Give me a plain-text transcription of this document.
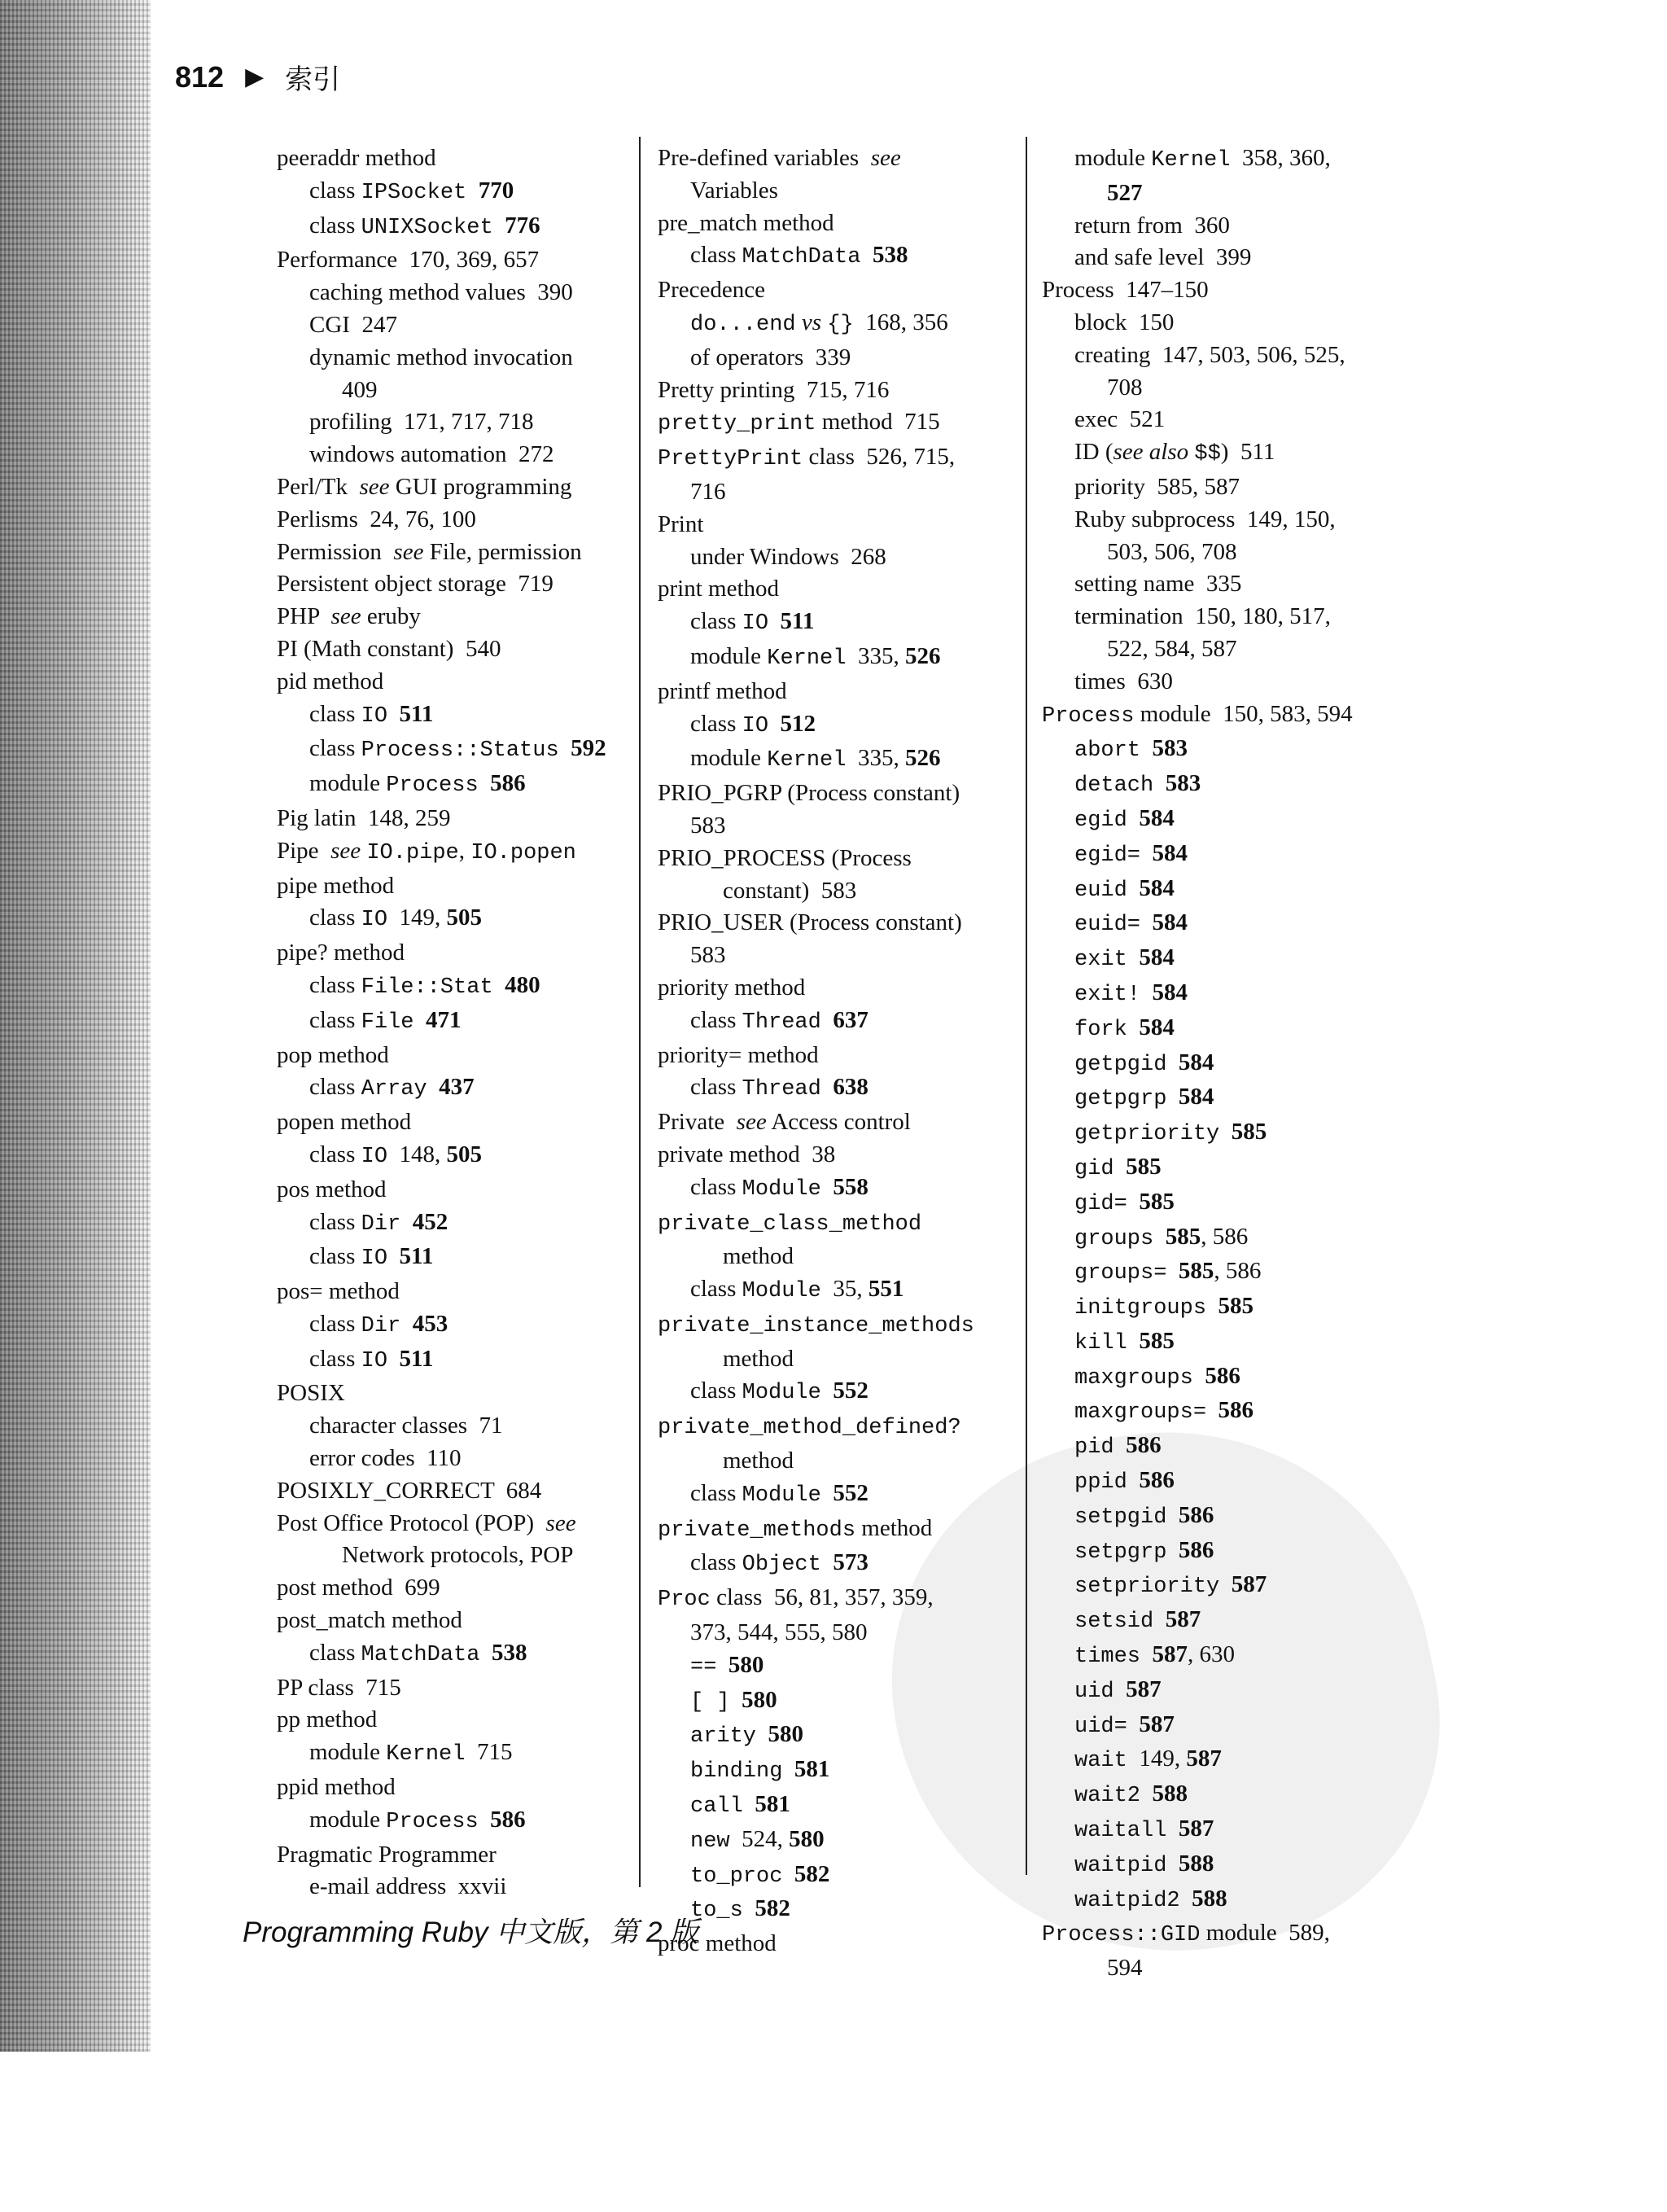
812 ▶ 索引
peeraddr method
class IPSocket 770
class UNIXSocket 776
Performance  170, 369, 657
caching method values  390
CGI  247
dynamic method invocation
409
profiling  171, 717, 718
windows automation  272
Perl/Tk  see GUI programming
Perlisms  24, 76, 100
Permission  see File, permission
Persistent object storage  719
PHP  see eruby
PI (Math constant)  540
pid method
class IO 511
class Process::Status 592
module Process 586
Pig latin  148, 259
Pipe  see IO.pipe, IO.popen
pipe method
class IO  149, 505
pipe? method
class File::Stat 480
class File 471
pop method
class Array 437
popen method
class IO  148, 505
pos method
class Dir 452
class IO 511
pos= method
class Dir 453
class IO 511
POSIX
character classes  71
error codes  110
POSIXLY_CORRECT  684
Post Office Protocol (POP)  see
Network protocols, POP
post method  699
post_match method
class MatchData 538
PP class  715
pp method
module Kernel  715
ppid method
module Process 586
Pragmatic Programmer
e-mail address  xxvii
Pre-defined variables  see
Variables
pre_match method
class MatchData 538
Precedence
do...end vs {}  168, 356
of operators  339
Pretty printing  715, 716
pretty_print method  715
PrettyPrint class  526, 715,
716
Print
under Windows  268
print method
class IO 511
module Kernel  335, 526
printf method
class IO 512
module Kernel  335, 526
PRIO_PGRP (Process constant)
583
PRIO_PROCESS (Process
constant)  583
PRIO_USER (Process constant)
583
priority method
class Thread 637
priority= method
class Thread 638
Private  see Access control
private method  38
class Module 558
private_class_method
method
class Module  35, 551
private_instance_methods
method
class Module 552
private_method_defined?
method
class Module 552
private_methods method
class Object 573
Proc class  56, 81, 357, 359,
373, 544, 555, 580
== 580
[ ] 580
arity 580
binding 581
call 581
new  524, 580
to_proc 582
to_s 582
proc method
module Kernel  358, 360,
527
return from  360
and safe level  399
Process  147–150
block  150
creating  147, 503, 506, 525,
708
exec  521
ID (see also $$)  511
priority  585, 587
Ruby subprocess  149, 150,
503, 506, 708
setting name  335
termination  150, 180, 517,
522, 584, 587
times  630
Process module  150, 583, 594
abort 583
detach 583
egid 584
egid= 584
euid 584
euid= 584
exit 584
exit! 584
fork 584
getpgid 584
getpgrp 584
getpriority 585
gid 585
gid= 585
groups 585, 586
groups= 585, 586
initgroups 585
kill 585
maxgroups 586
maxgroups= 586
pid 586
ppid 586
setpgid 586
setpgrp 586
setpriority 587
setsid 587
times 587, 630
uid 587
uid= 587
wait  149, 587
wait2 588
waitall 587
waitpid 588
waitpid2 588
Process::GID module  589,
594
Programming Ruby 中文版，第 2 版
